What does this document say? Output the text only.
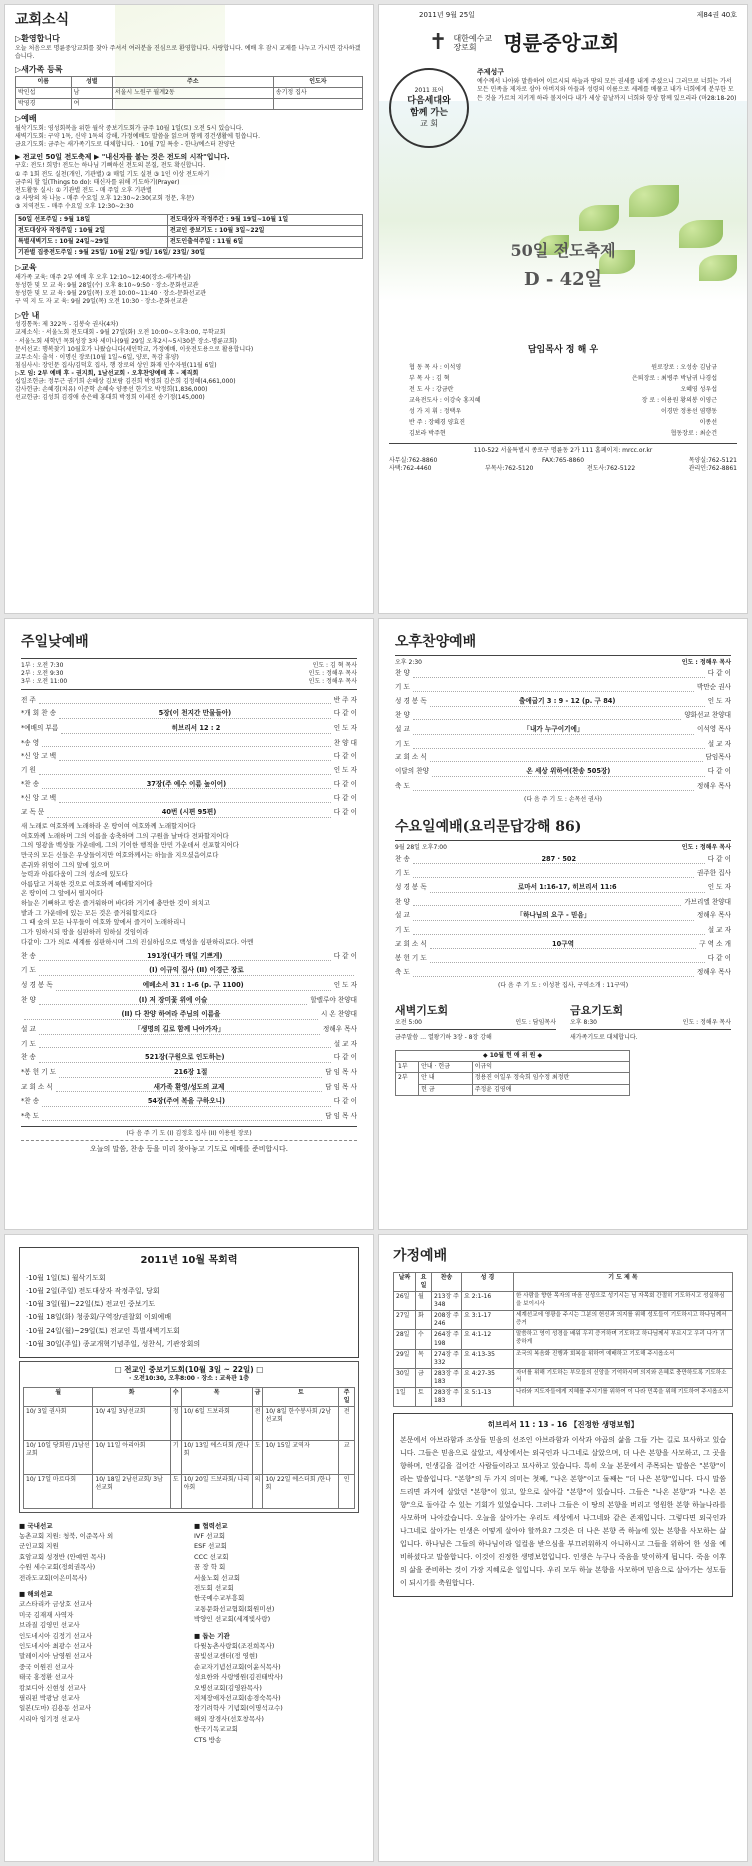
교회소식
▷환영합니다
오늘 처음으로 명륜중앙교회를 찾아 주셔서 여러분을 진심으로 환영합니다. 사랑합니다. 예배 후 잠시 교제를 나누고 가시면 감사하겠습니다.
▷새가족 등록
이름	성별	주소	인도자
박인섭	남	서울시 노원구 월계2동	송기정 집사
박영경	여		
▷예배
월삭기도회: 영성회복을 위한 월삭 중보기도회가 금주 10월 1일(토) 오전 5시 있습니다.
새벽기도회: 구약 1독, 신약 1독의 강해, 가정예배도 말씀을 읽으며 함께 경건생활에 힘씁니다.
금요기도회: 금주는 새가족기도로 대체합니다. · 10월 7일 특송 - 한나/예스터 찬양단
▶ 전교인 50일 전도축제 ▶ "내신자를 붙는 것은 전도의 시작"입니다.
구호: 전도! 희망! 전도는 하나님 기뻐하신 전도의 본질, 전도 확신합니다.
① 주 1회 전도 실천(개인, 기관별) ② 매일 기도 실천 ③ 1인 이상 전도하기
금주의 할 일(Things to do): 태신자를 위해 기도하기(Prayer)
전도활동 실시: ① 기관별 전도 - 매 주일 오후 기관별
② 사랑의 차 나눔 - 매주 수요일 오후 12:30~2:30(교회 정문, 후문)
③ 지역전도 - 매주 수요일 오후 12:30~2:30
50일 선포주일 : 9월 18일	전도대상자 작정주간 : 9월 19일~10월 1일
전도대상자 작정주일 : 10월 2일	전교인 중보기도 : 10월 3일~22일
특별새벽기도 : 10월 24일~29일	전도인출석주일 : 11월 6일
기관별 집중전도주일 : 9월 25일/ 10월 2일/ 9일/ 16일/ 23일/ 30일	
▷교육
새가족 교육: 매주 2부 예배 후 오후 12:10~12:40(장소-새가족실)
동성한 및 모 교 육: 9월 28일(수) 오후 8:10~9:50 · 장소-문화선교관
동성한 및 모 교 육: 9월 29일(목) 오전 10:00~11:40 · 장소-문화선교관
구 역 지 도 자 교 육: 9월 29일(목) 오전 10:30 · 장소-문화선교관
▷안 내
성경통독: 제 322독 - 김봉숙 권사(4차)
교제소식: · 서울노회 전도대회 - 9월 27일(화) 오전 10:00~오후3:00, 무학교회
· 서울노회 새학년 목회성장 3차 세미나(9월 29일 오후2시~5시30분 장소-명륜교회)
문서선교: 행복찾기 10월호가 나왔습니다(세인학교, 가정예배, 이웃전도용으로 활용합니다)
교무소식: 출석 · 이명신 장로(10월 1일~6일, 양로, 독감 휴양)
침심사시: 장인문 집사/김덕호 집사, 행 장로의 상인 화재 인수자원(11월 6일)
▷모 임: 2부 예배 후 - 권지회, 1남선교회 · 오후찬양예배 후 - 제직회
십일조헌금: 정무근 권기희 손혜상 김보람 김진희 박정희 김은희 김정혜(4,661,000)
감사헌금: 손혜경(치유) 이준학 손혜숙 양종선 한기오 박정희(1,836,000)
선교헌금: 김성희 김경애 송은혜 홍대희 박정희 이세진 송기정(145,000)
2011년 9월 25일	제84권 40호
✝ 대한예수교 장로회	명륜중앙교회
2011 표어
다음세대와
함께 가는
교 회
주제성구
예수께서 나아와 말씀하여 이르시되 하늘과 땅의 모든 권세를 내게 주셨으니 그러므로 너희는 가서 모든 민족을 제자로 삼아 아버지와 아들과 성령의 이름으로 세례를 베풀고 내가 너희에게 분부한 모든 것을 가르쳐 지키게 하라 볼지어다 내가 세상 끝날까지 너희와 항상 함께 있으리라 (마28:18-20)
50일 전도축제
D - 42일
담임목사 정 해 우
협 동 목 사 : 이석영	원로장로 : 오성송 김남규
부 목 사 : 김 혁	은퇴장로 : 최병주 박남귀 나경섭
전 도 사 : 강금란	오혜영 성우섭
교육전도사 : 이강숙 홍지혜	장 로 : 이용원 황의봉 이영근
성 가 지 휘 : 정택우	이경만 정용선 염행동
반 주 : 장혜경 양효진	이종선
김보라 박주현	협동장로 : 최순건
110-522 서울특별시 종로구 명륜동 2가 111 홈페이지: mrcc.or.kr
사무실:762-8860	FAX:765-8860	목양실:762-5121
사택:762-4460	부목사:762-5120	전도사:762-5122	관리인:762-8861
주일낮예배
1부 : 오전 7:30	인도 : 김 혁 목사
2부 : 오전 9:30	인도 : 정해우 목사
3부 : 오전 11:00	인도 : 정해우 목사
전 주	반 주 자
*개 회 찬 송	5장(이 천지간 만물들아)	다 같 이
*예배의 부름	히브리서 12 : 2	인 도 자
*송 영	찬 양 대
*신 앙 고 백	다 같 이
기 원	인 도 자
*찬 송	37장(주 예수 이름 높이어)	다 같 이
*신 앙 고 백	다 같 이
교 독 문	40번 (시편 95편)	다 같 이
새 노래로 여호와께 노래하라 온 땅이여 여호와께 노래할지어다
여호와께 노래하며 그의 이름을 송축하며 그의 구원을 날마다 전파할지어다
그의 영광을 백성들 가운데에, 그의 기이한 행적을 만민 가운데서 선포할지어다
만국의 모든 신들은 우상들이지만 여호와께서는 하늘을 지으셨음이로다
존귀와 위엄이 그의 앞에 있으며
능력과 아름다움이 그의 성소에 있도다
아름답고 거룩한 것으로 여호와께 예배할지어다
온 땅이여 그 앞에서 떨지어다
하늘은 기뻐하고 땅은 즐거워하며 바다와 거기에 충만한 것이 외치고
밭과 그 가운데에 있는 모든 것은 즐거워할지로다
그 때 숲의 모든 나무들이 여호와 앞에서 즐거이 노래하리니
그가 임하시되 땅을 심판하러 임하실 것임이라
다같이: 그가 의로 세계를 심판하시며 그의 진실하심으로 백성을 심판하리로다. 아멘
찬 송	191장(내가 매일 기쁘게)	다 같 이
기 도	(I) 이규익 집사 (II) 이경근 장로
성 경 봉 독	에베소서 31 : 1-6 (p. 구 1100)	인 도 자
찬 양	(I) 저 장미꽃 위에 이슬	할렐루야 찬양대
(II) 다 찬양 하여라 주님의 이름을	시 온 찬양대
설 교	「생명의 길로 함께 나아가자」	정해우 목사
기 도	설 교 자
찬 송	521장(구원으로 인도하는)	다 같 이
*봉 헌 기 도	216장 1절	담 임 목 사
교 회 소 식	새가족 환영/성도의 교제	담 임 목 사
*찬 송	54장(주여 복을 구하오니)	다 같 이
*축 도	담 임 목 사
(다 음 주 기 도 (I) 김정호 집사 (II) 이용원 장로)
오늘의 말씀, 찬송 등을 미리 찾아놓고 기도로 예배를 준비합시다.
오후찬양예배
오후 2:30	인도 : 정해우 목사
찬 양	다 같 이
기 도	박만순 권사
성 경 봉 독	출애굽기 3 : 9 - 12 (p. 구 84)	인 도 자
찬 양	양화선교 찬양대
설 교	「내가 누구이기에」	이석영 목사
기 도	설 교 자
교 회 소 식	담임목사
이달의 찬양	온 세상 위하여(찬송 505장)	다 같 이
축 도	정해우 목사
(다 음 주 기 도 : 손목선 권사)
수요일예배(요리문답강해 86)
9월 28일 오후7:00	인도 : 정해우 목사
찬 송	287 · 502	다 같 이
기 도	권주한 집사
성 경 봉 독	로마서 1:16-17, 히브리서 11:6	인 도 자
찬 양	가브리엘 찬양대
설 교	「하나님의 요구 - 믿음」	정해우 목사
기 도	설 교 자
교 회 소 식	10구역	구 역 소 개
봉 헌 기 도	다 같 이
축 도	정해우 목사
(다 음 주 기 도 : 이성찬 집사, 구역소개 : 11구역)
새벽기도회
오전 5:00	인도 : 담임목사
금주말씀 … 열왕기하 3장 - 8장 강해
금요기도회
오후 8:30	인도 : 정해우 목사
새가족기도로 대체합니다.
◆ 10월 헌 애 위 원 ◆		
1부	안내 · 헌금	이규익
2부	안 내	정용진 이일우 정숙희 임수정 최정란
	헌 금	주정윤 김영애
2011년 10월 목회력
·10월 1일(토) 월삭기도회
·10월 2일(주일) 전도대상자 작정주일, 당회
·10월 3일(월)~22일(토) 전교인 중보기도
·10월 18일(화) 청종회/구역장/권찰회 이외예배
·10월 24일(월)~29일(토) 전교인 특별새벽기도회
·10월 30일(주일) 종교개혁기념주일, 성찬식, 기관장회의
□ 전교인 중보기도회(10월 3일 ~ 22일) □
· 오전10:30, 오후8:00 · 장소 : 교육관 1층
월	화	수	목	금	토	주일
10/ 3일 권사회	10/ 4일 3남선교회	정	10/ 6일 드보라회	전	10/ 8일 한수봉사회 /2남선교회	전
10/ 10일 당회원 /1남선교회	10/ 11일 아리아회	기	10/ 13일 에스더회 /한나회	도	10/ 15일 교역자	교
10/ 17일 마르다회	10/ 18일 2남선교회/ 3남선교회	도	10/ 20일 드보라회/ 나리아회	의	10/ 22일 에스더회 /한나회	인
■ 국내선교
농촌교회 지원: 청북, 이준목사 외
군인교회 지원
효암교회 성경반 (안예연 목사)
수원 세수교회(정희권목사)
전라도교회(이은미목사)
■ 해외선교
코스타리카 금상호 선교사
미국 김재재 사역자
브라질 김영민 선교사
인도네시아 김정기 선교사
인도네시아 최광수 선교사
말레이시아 남영원 선교사
중국 이원진 선교사
태국 홍정환 선교사
캄보디아 신현성 선교사
필리핀 박광남 선교사
일본(도마) 김용동 선교사
시리아 임기정 선교사
■ 협력선교
IVF 선교회
ESF 선교회
CCC 선교회
꿈 장 학 회
서울노회 선교회
전도회 선교회
한국예수교부흥회
교통문화선교협회(회원미션)
박양인 선교회(세계빛사랑)
■ 돕는 기관
다윗농촌사랑회(조진희목사)
꿈빛선교센터(정 영현)
순교자기념선교회(이윤식목사)
성요한와 사랑병원(김진태박사)
오병선교회(김영완목사)
지체장애자선교회(송경숙목사)
장기려학사 기념회(이명석교수)
해외 장경사(선호창목사)
한국기독교교회
CTS 방송
가정예배
날짜	요일	찬송	성 경	기 도 제 목
26일	월	213장 주 348	요 2:1-16	한 사람을 향한 목자의 마음 신성으로 성기시는 님 자목회 간절히 기도하시고 성실하심을 보이시사
27일	화	208장 주 246	요 3:1-17	세계선교에 영광을 주시는 그분의 헌신과 의지를 위해 성도들이 기도하시고 하나님께서 증거
28일	수	264장 주 198	요 4:1-12	말씀하고 영이 성경을 배워 우리 증거하며 기도하고 하나님께서 부르시고 우리 나가 귀중하게
29일	목	274장 주 332	요 4:13-35	조국의 복음화 진행과 회복을 위하여 예배하고 기도해 주시옵소서
30일	금	283장 주 183	요 4:27-35	자녀를 위해 기도하는 부모들의 신앙을 기억하시며 의지와 은혜로 충만하도록 기도하소서
1일	토	283장 주 183	요 5:1-13	나라와 지도자들에게 지혜를 주시기를 위하여 이 나라 민족을 위해 기도하여 주시옵소서
히브리서 11 : 13 - 16 【진정한 생명보험】
본문에서 아브라함과 조상들 믿음의 선조인 아브라함과 이삭과 야곱의 삶을 그들 가는 길로 묘사하고 있습니다. 그들은 믿음으로 살았고, 세상에서는 외국인과 나그네로 살았으며, 더 나은 본향을 사모하고, 그 곳을 향하며, 인생길을 걸어간 사람들이라고 묘사하고 있습니다. 특히 오늘 본문에서 주목되는 말씀은 "본향"이라는 말씀입니다. "본향"의 두 가지 의미는 첫째, "나온 본향"이고 둘째는 "더 나은 본향"입니다. 다시 말씀드리면 과거에 살았던 "본향"이 있고, 앞으로 살아갈 "본향"이 있습니다. 그들은 "나온 본향"과 "나온 본향"으로 돌아갈 수 있는 기회가 있었습니다. 그러나 그들은 이 땅의 본향을 버리고 영원한 본향 하늘나라를 사모하며 나아갔습니다. 오늘을 살아가는 우리도 세상에서 나그네와 같은 존재입니다. 그렇다면 외국인과 나그네로 살아가는 인생은 어떻게 살아야 할까요? 그것은 더 나은 본향 즉 하늘에 있는 본향을 사모하는 삶입니다. 하나님은 그들의 하나님이라 일컬음 받으심을 부끄러워하지 아니하시고 그들을 위하여 한 성을 예비하셨다고 말씀합니다. 이것이 진정한 생명보험입니다. 인생은 누구나 죽음을 맞이하게 됩니다. 죽음 이후의 삶을 준비하는 것이 가장 지혜로운 일입니다. 우리 모두 하늘 본향을 사모하며 믿음으로 살아가는 성도들이 되시기를 축원합니다.
